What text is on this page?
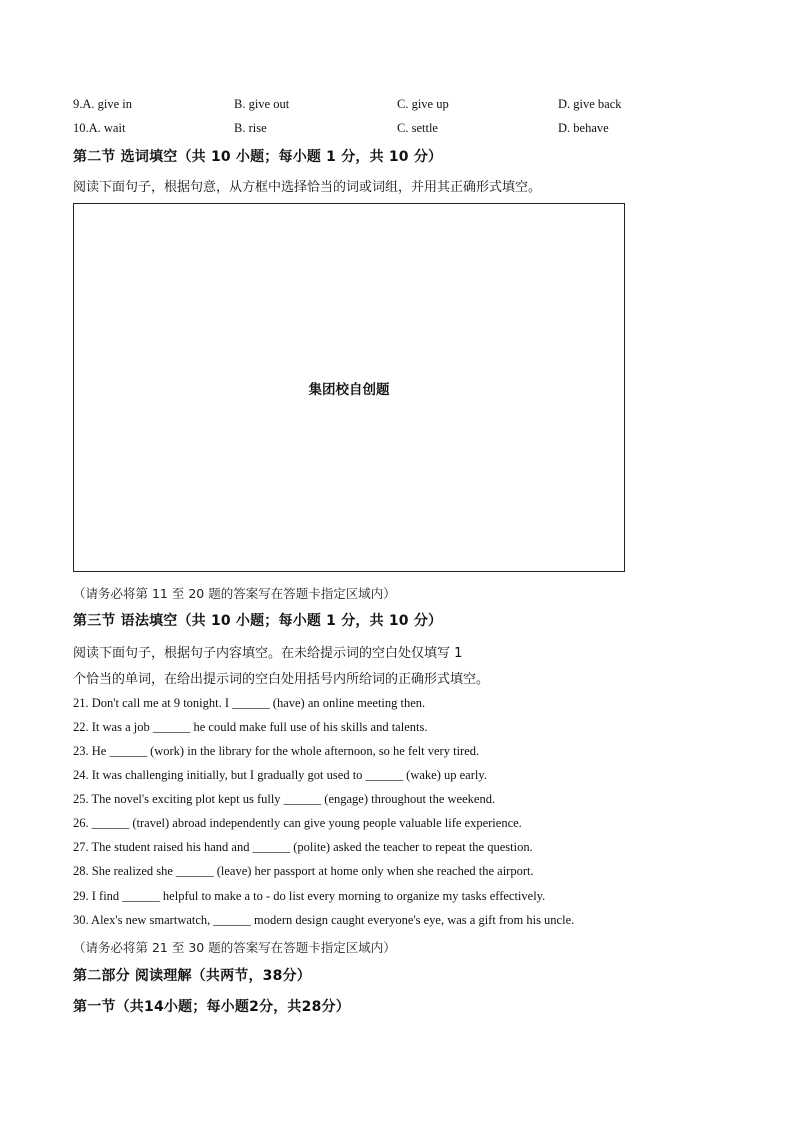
9.A. give in	B. give out	C. give up	D. give back
10.A. wait	B. rise	C. settle	D. behave
第二节 选词填空（共 10 小题；每小题 1 分，共 10 分）
阅读下面句子，根据句意，从方框中选择恰当的词或词组，并用其正确形式填空。
集团校自创题
（请务必将第 11 至 20 题的答案写在答题卡指定区域内）
第三节 语法填空（共 10 小题；每小题 1 分，共 10 分）
阅读下面句子，根据句子内容填空。在未给提示词的空白处仅填写 1
个恰当的单词，在给出提示词的空白处用括号内所给词的正确形式填空。
21. Don't call me at 9 tonight. I ______ (have) an online meeting then.
22. It was a job ______ he could make full use of his skills and talents.
23. He ______ (work) in the library for the whole afternoon, so he felt very tired.
24. It was challenging initially, but I gradually got used to ______ (wake) up early.
25. The novel's exciting plot kept us fully ______ (engage) throughout the weekend.
26. ______ (travel) abroad independently can give young people valuable life experience.
27. The student raised his hand and ______ (polite) asked the teacher to repeat the question.
28. She realized she ______ (leave) her passport at home only when she reached the airport.
29. I find ______ helpful to make a to - do list every morning to organize my tasks effectively.
30. Alex's new smartwatch, ______ modern design caught everyone's eye, was a gift from his uncle.
（请务必将第 21 至 30 题的答案写在答题卡指定区域内）
第二部分 阅读理解（共两节，38分）
第一节（共14小题；每小题2分，共28分）
